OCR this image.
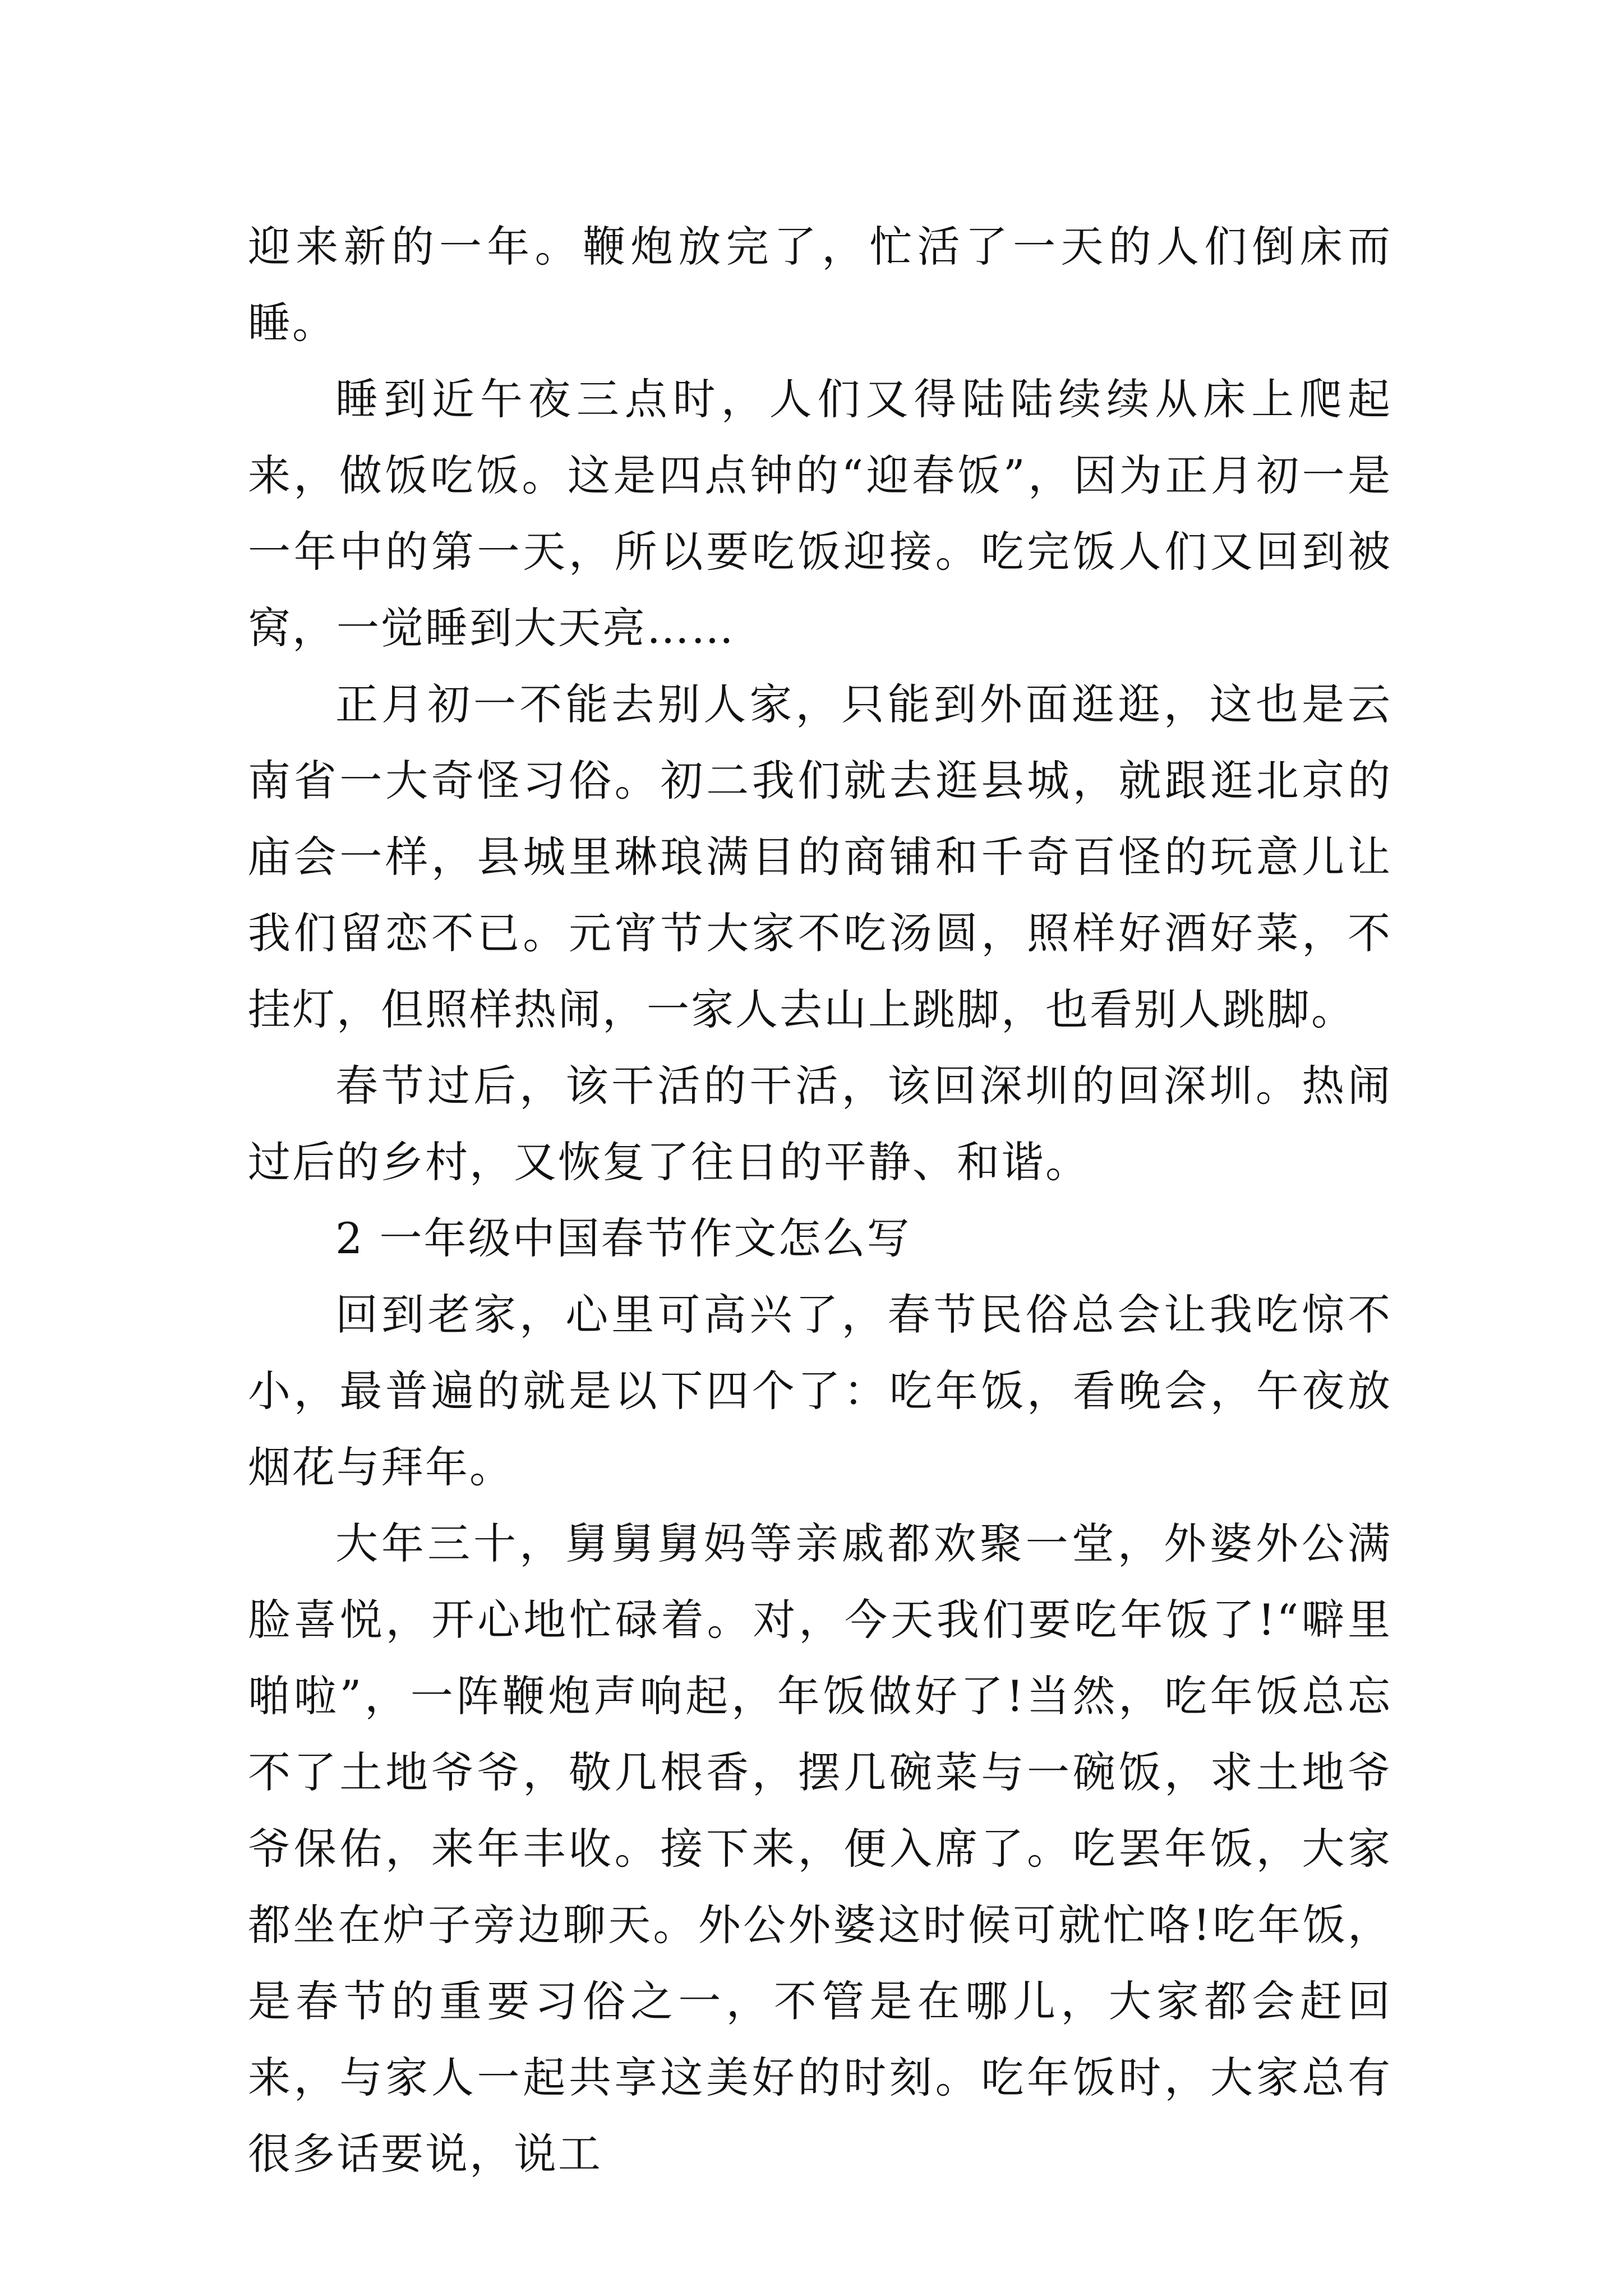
迎来新的一年。鞭炮放完了，忙活了一天的人们倒床而睡。

睡到近午夜三点时，人们又得陆陆续续从床上爬起来，做饭吃饭。这是四点钟的“迎春饭”，因为正月初一是一年中的第一天，所以要吃饭迎接。吃完饭人们又回到被窝，一觉睡到大天亮……

正月初一不能去别人家，只能到外面逛逛，这也是云南省一大奇怪习俗。初二我们就去逛县城，就跟逛北京的庙会一样，县城里琳琅满目的商铺和千奇百怪的玩意儿让我们留恋不已。元宵节大家不吃汤圆，照样好酒好菜，不挂灯，但照样热闹，一家人去山上跳脚，也看别人跳脚。

春节过后，该干活的干活，该回深圳的回深圳。热闹过后的乡村，又恢复了往日的平静、和谐。

2 一年级中国春节作文怎么写

回到老家，心里可高兴了，春节民俗总会让我吃惊不小，最普遍的就是以下四个了：吃年饭，看晚会，午夜放烟花与拜年。

大年三十，舅舅舅妈等亲戚都欢聚一堂，外婆外公满脸喜悦，开心地忙碌着。对，今天我们要吃年饭了!“噼里啪啦”，一阵鞭炮声响起，年饭做好了!当然，吃年饭总忘不了土地爷爷，敬几根香，摆几碗菜与一碗饭，求土地爷爷保佑，来年丰收。接下来，便入席了。吃罢年饭，大家都坐在炉子旁边聊天。外公外婆这时候可就忙咯!吃年饭，是春节的重要习俗之一，不管是在哪儿，大家都会赶回来，与家人一起共享这美好的时刻。吃年饭时，大家总有很多话要说，说工
